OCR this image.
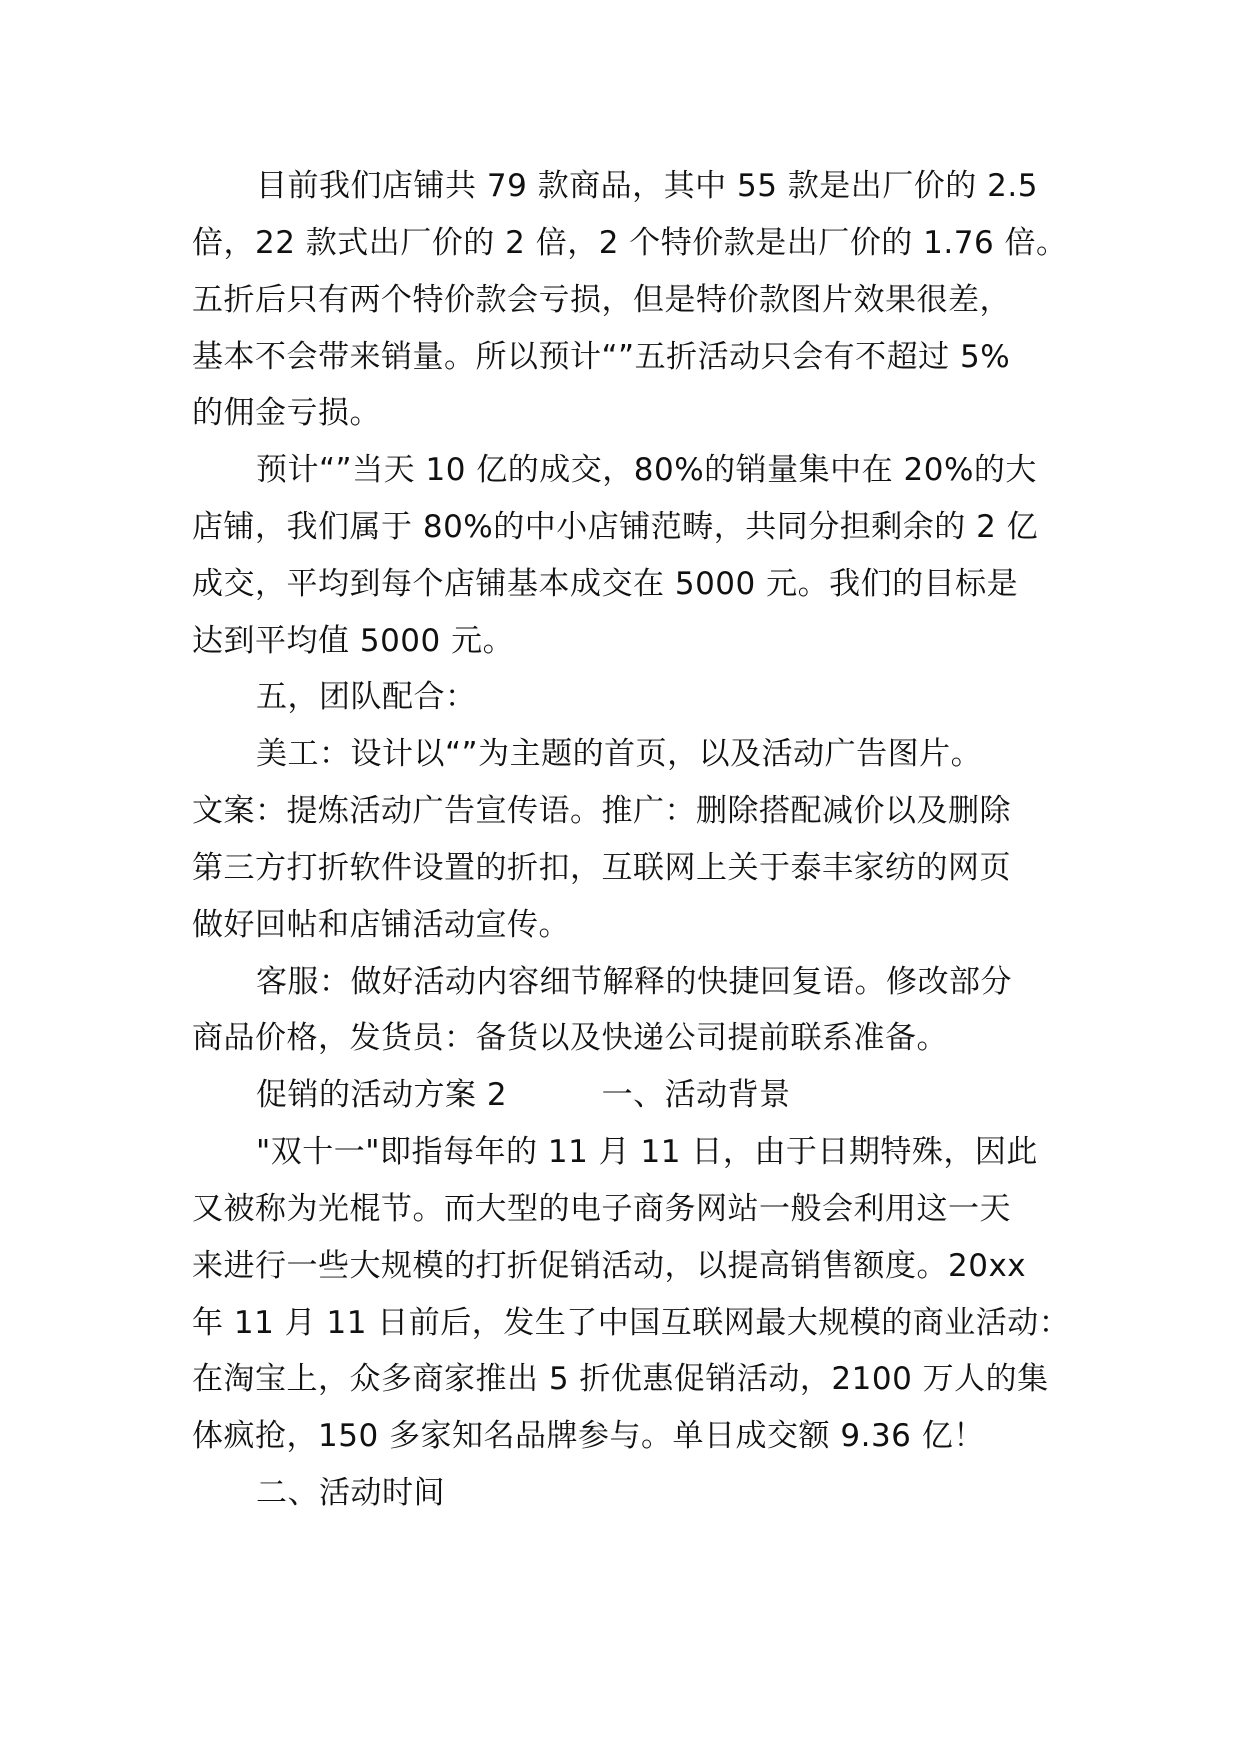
目前我们店铺共 79 款商品，其中 55 款是出厂价的 2.5
倍，22 款式出厂价的 2 倍，2 个特价款是出厂价的 1.76 倍。
五折后只有两个特价款会亏损，但是特价款图片效果很差，
基本不会带来销量。所以预计“”五折活动只会有不超过 5%
的佣金亏损。
预计“”当天 10 亿的成交，80%的销量集中在 20%的大
店铺，我们属于 80%的中小店铺范畴，共同分担剩余的 2 亿
成交，平均到每个店铺基本成交在 5000 元。我们的目标是
达到平均值 5000 元。
五，团队配合：
美工：设计以“”为主题的首页，以及活动广告图片。
文案：提炼活动广告宣传语。推广：删除搭配减价以及删除
第三方打折软件设置的折扣，互联网上关于泰丰家纺的网页
做好回帖和店铺活动宣传。
客服：做好活动内容细节解释的快捷回复语。修改部分
商品价格，发货员：备货以及快递公司提前联系准备。
促销的活动方案 2　　　一、活动背景
"双十一"即指每年的 11 月 11 日，由于日期特殊，因此
又被称为光棍节。而大型的电子商务网站一般会利用这一天
来进行一些大规模的打折促销活动，以提高销售额度。20xx
年 11 月 11 日前后，发生了中国互联网最大规模的商业活动：
在淘宝上，众多商家推出 5 折优惠促销活动，2100 万人的集
体疯抢，150 多家知名品牌参与。单日成交额 9.36 亿！
二、活动时间
